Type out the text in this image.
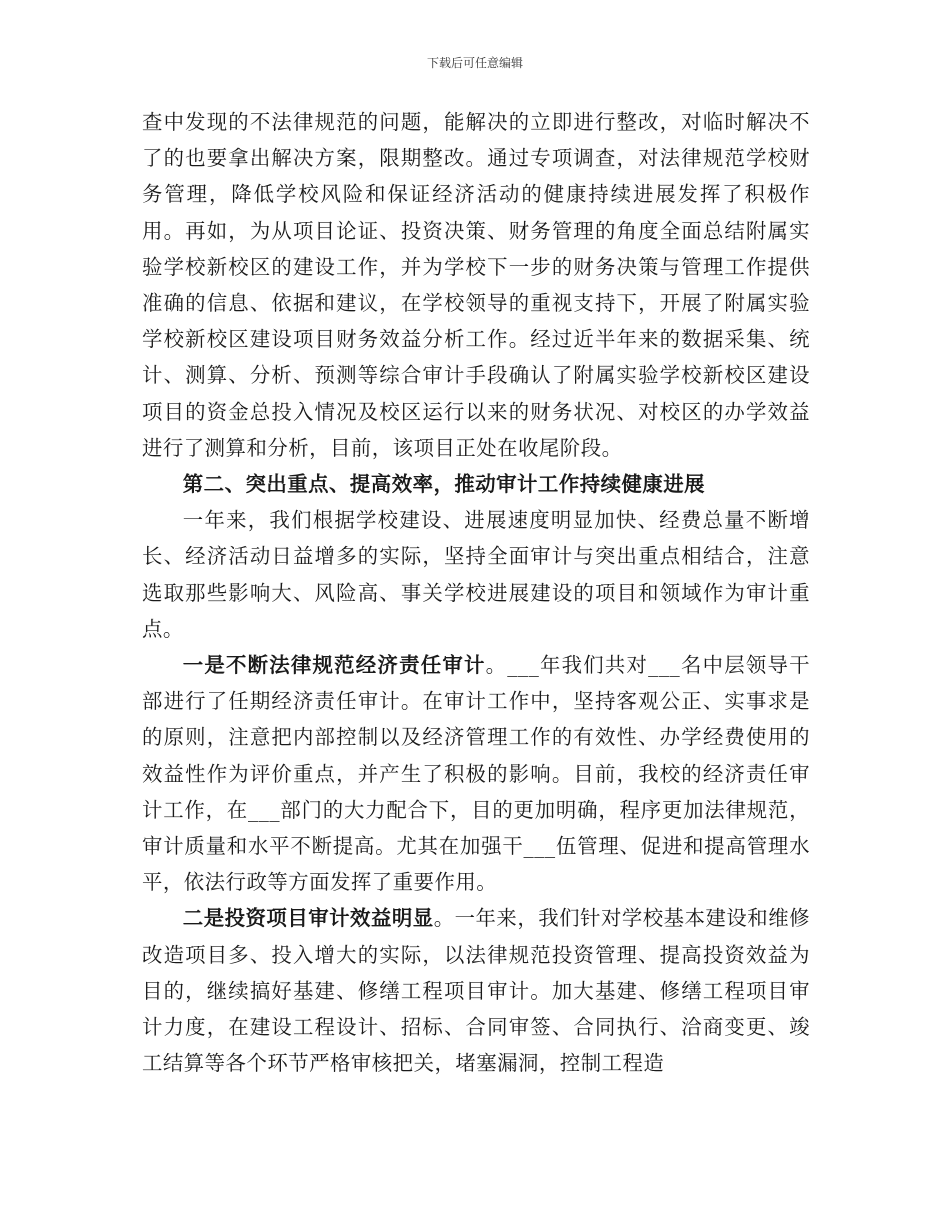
下载后可任意编辑

查中发现的不法律规范的问题，能解决的立即进行整改，对临时解决不了的也要拿出解决方案，限期整改。通过专项调查，对法律规范学校财务管理，降低学校风险和保证经济活动的健康持续进展发挥了积极作用。再如，为从项目论证、投资决策、财务管理的角度全面总结附属实验学校新校区的建设工作，并为学校下一步的财务决策与管理工作提供准确的信息、依据和建议，在学校领导的重视支持下，开展了附属实验学校新校区建设项目财务效益分析工作。经过近半年来的数据采集、统计、测算、分析、预测等综合审计手段确认了附属实验学校新校区建设项目的资金总投入情况及校区运行以来的财务状况、对校区的办学效益进行了测算和分析，目前，该项目正处在收尾阶段。

第二、突出重点、提高效率，推动审计工作持续健康进展

一年来，我们根据学校建设、进展速度明显加快、经费总量不断增长、经济活动日益增多的实际，坚持全面审计与突出重点相结合，注意选取那些影响大、风险高、事关学校进展建设的项目和领域作为审计重点。

一是不断法律规范经济责任审计。___年我们共对___名中层领导干部进行了任期经济责任审计。在审计工作中，坚持客观公正、实事求是的原则，注意把内部控制以及经济管理工作的有效性、办学经费使用的效益性作为评价重点，并产生了积极的影响。目前，我校的经济责任审计工作，在___部门的大力配合下，目的更加明确，程序更加法律规范，审计质量和水平不断提高。尤其在加强干___伍管理、促进和提高管理水平，依法行政等方面发挥了重要作用。

二是投资项目审计效益明显。一年来，我们针对学校基本建设和维修改造项目多、投入增大的实际，以法律规范投资管理、提高投资效益为目的，继续搞好基建、修缮工程项目审计。加大基建、修缮工程项目审计力度，在建设工程设计、招标、合同审签、合同执行、洽商变更、竣工结算等各个环节严格审核把关，堵塞漏洞，控制工程造
